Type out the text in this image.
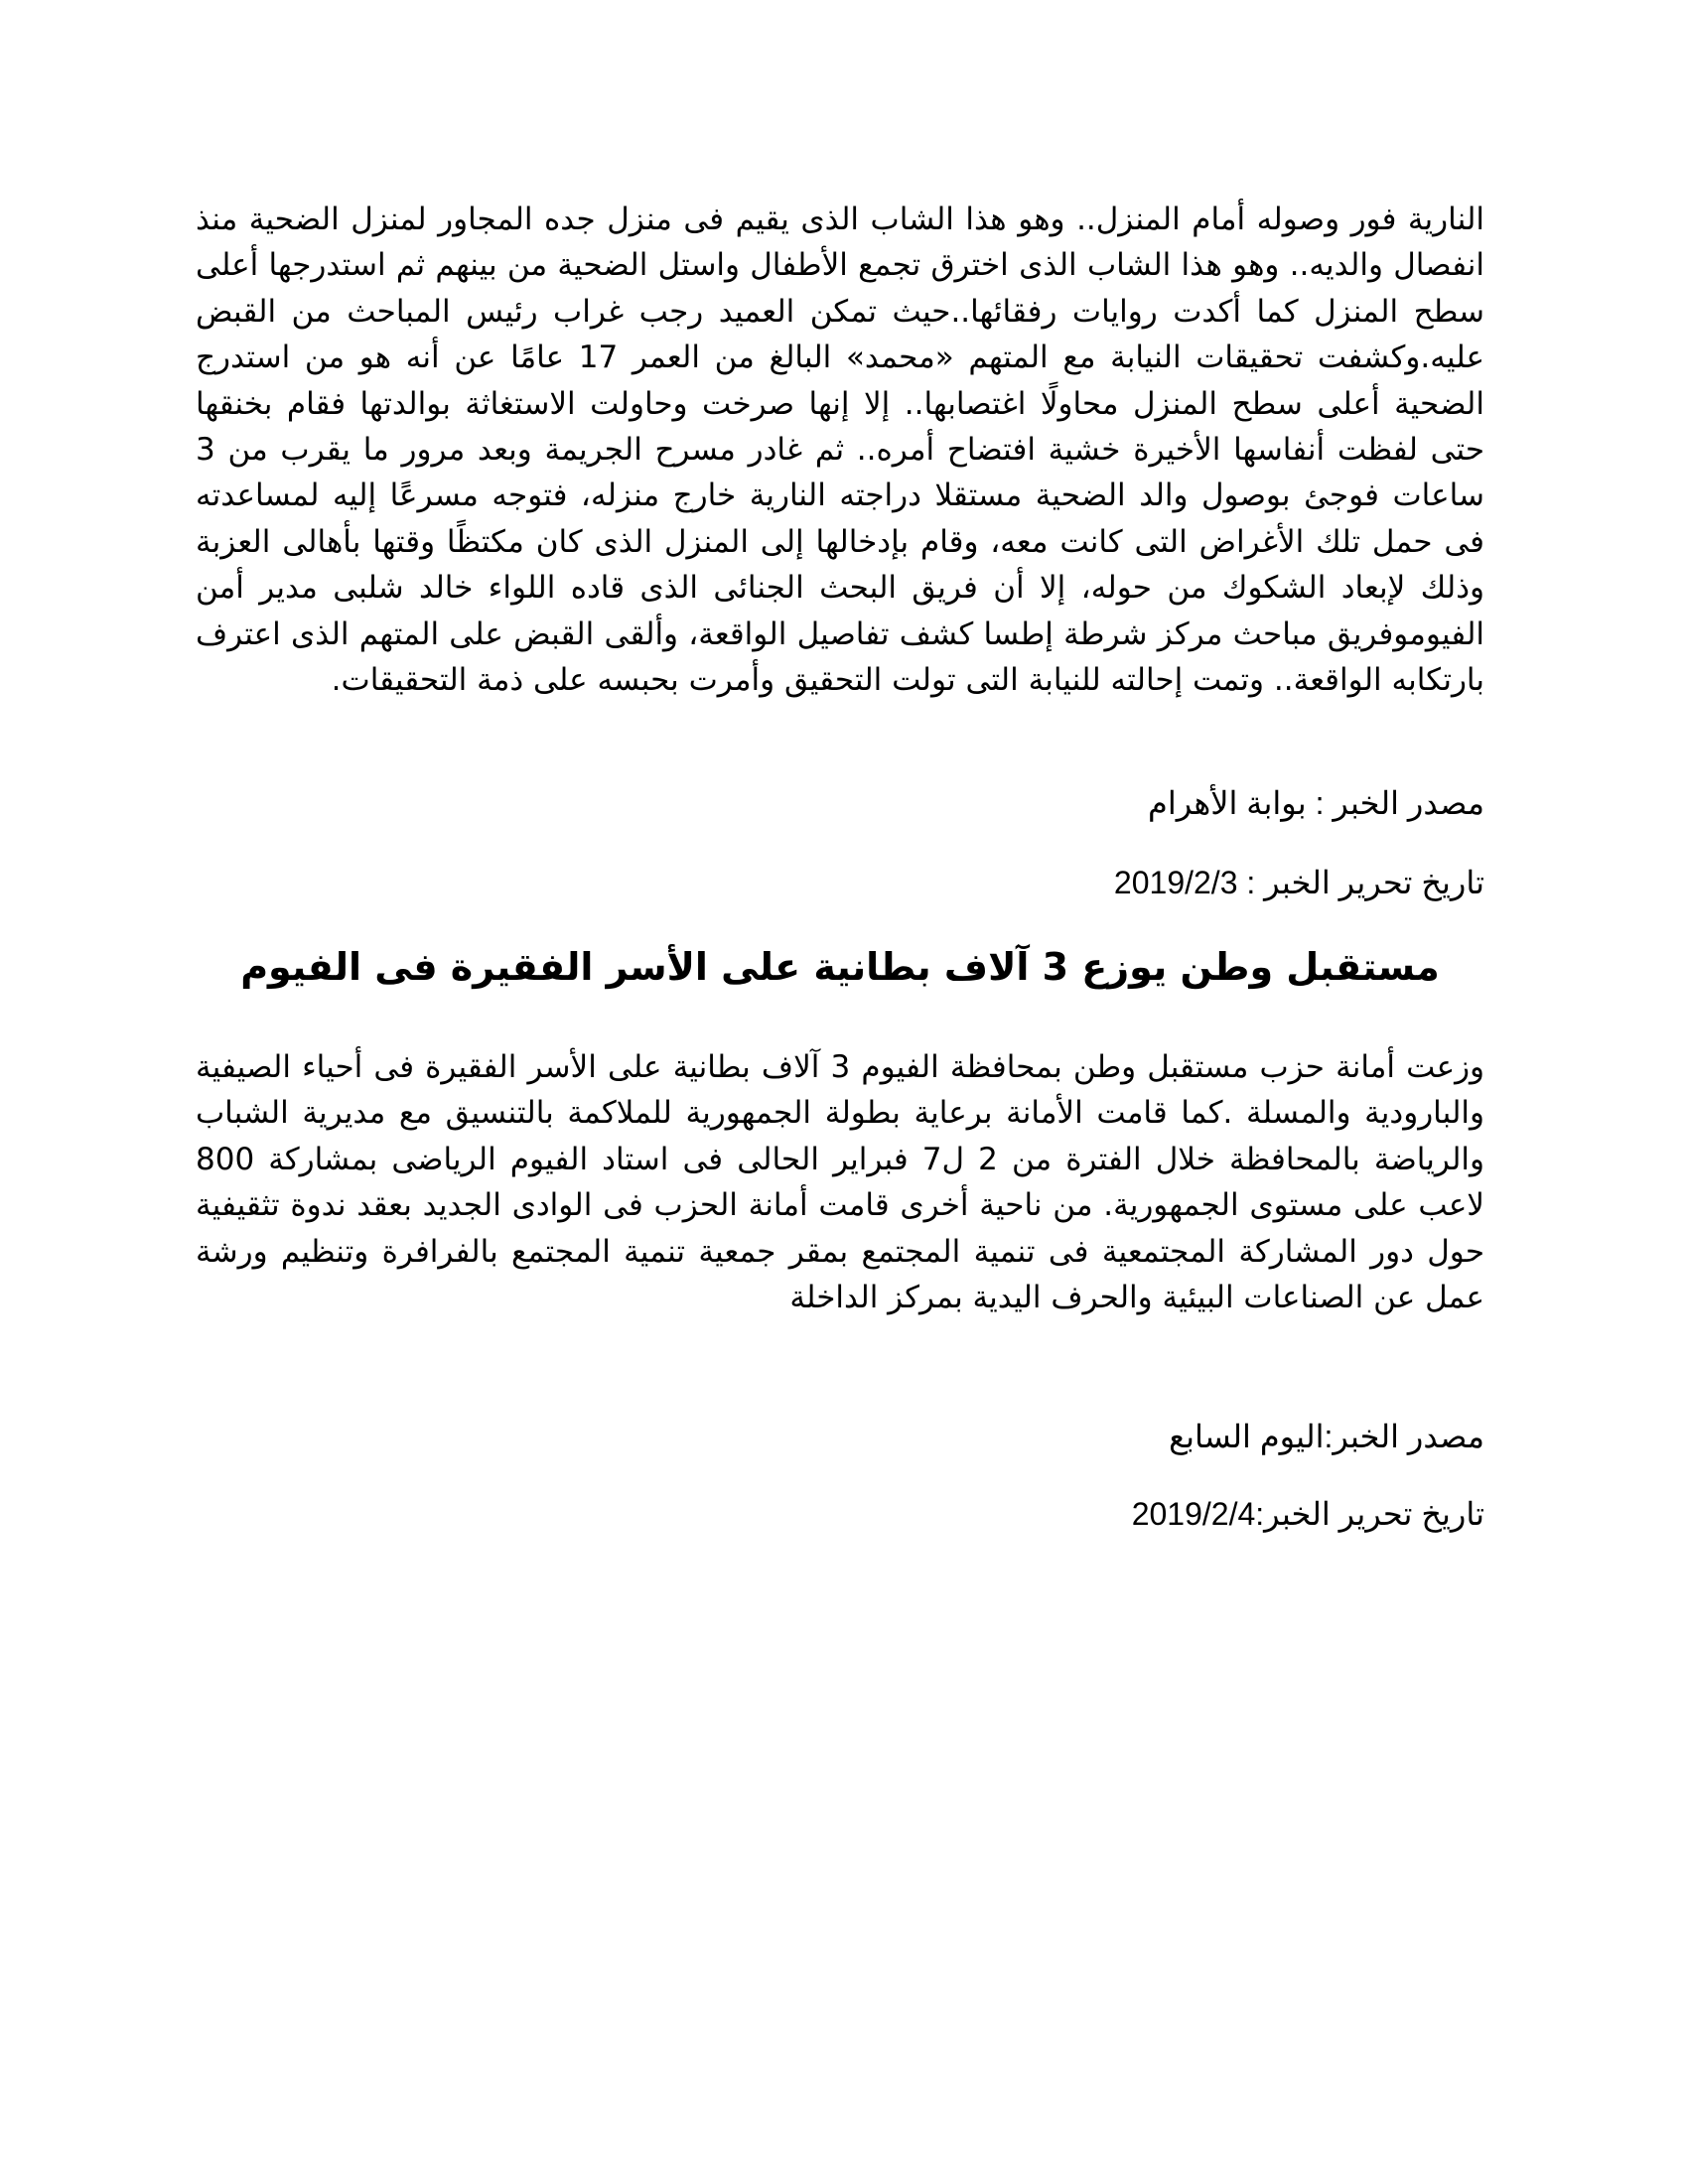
النارية فور وصوله أمام المنزل.. وهو هذا الشاب الذى يقيم فى منزل جده المجاور لمنزل الضحية منذ انفصال والديه.. وهو هذا الشاب الذى اخترق تجمع الأطفال واستل الضحية من بينهم ثم استدرجها أعلى سطح المنزل كما أكدت روايات رفقائها..حيث تمكن العميد رجب غراب رئيس المباحث من القبض عليه.وكشفت تحقيقات النيابة مع المتهم «محمد» البالغ من العمر 17 عامًا عن أنه هو من استدرج الضحية أعلى سطح المنزل محاولًا اغتصابها.. إلا إنها صرخت وحاولت الاستغاثة بوالدتها فقام بخنقها حتى لفظت أنفاسها الأخيرة خشية افتضاح أمره.. ثم غادر مسرح الجريمة وبعد مرور ما يقرب من 3 ساعات فوجئ بوصول والد الضحية مستقلا دراجته النارية خارج منزله، فتوجه مسرعًا إليه لمساعدته فى حمل تلك الأغراض التى كانت معه، وقام بإدخالها إلى المنزل الذى كان مكتظًا وقتها بأهالى العزبة وذلك لإبعاد الشكوك من حوله، إلا أن فريق البحث الجنائى الذى قاده اللواء خالد شلبى مدير أمن الفيوموفريق مباحث مركز شرطة إطسا كشف تفاصيل الواقعة، وألقى القبض على المتهم الذى اعترف بارتكابه الواقعة.. وتمت إحالته للنيابة التى تولت التحقيق وأمرت بحبسه على ذمة التحقيقات.

مصدر الخبر : بوابة الأهرام

تاريخ تحرير الخبر : 2019/2/3

مستقبل وطن يوزع 3 آلاف بطانية على الأسر الفقيرة فى الفيوم

وزعت أمانة حزب مستقبل وطن بمحافظة الفيوم 3 آلاف بطانية على الأسر الفقيرة فى أحياء الصيفية والبارودية والمسلة .كما قامت الأمانة برعاية بطولة الجمهورية للملاكمة بالتنسيق مع مديرية الشباب والرياضة بالمحافظة خلال الفترة من 2 ل7 فبراير الحالى فى استاد الفيوم الرياضى بمشاركة 800 لاعب على مستوى الجمهورية. من ناحية أخرى قامت أمانة الحزب فى الوادى الجديد بعقد ندوة تثقيفية حول دور المشاركة المجتمعية فى تنمية المجتمع بمقر جمعية تنمية المجتمع بالفرافرة وتنظيم ورشة عمل عن الصناعات البيئية والحرف اليدية بمركز الداخلة

مصدر الخبر:اليوم السابع

تاريخ تحرير الخبر:2019/2/4
